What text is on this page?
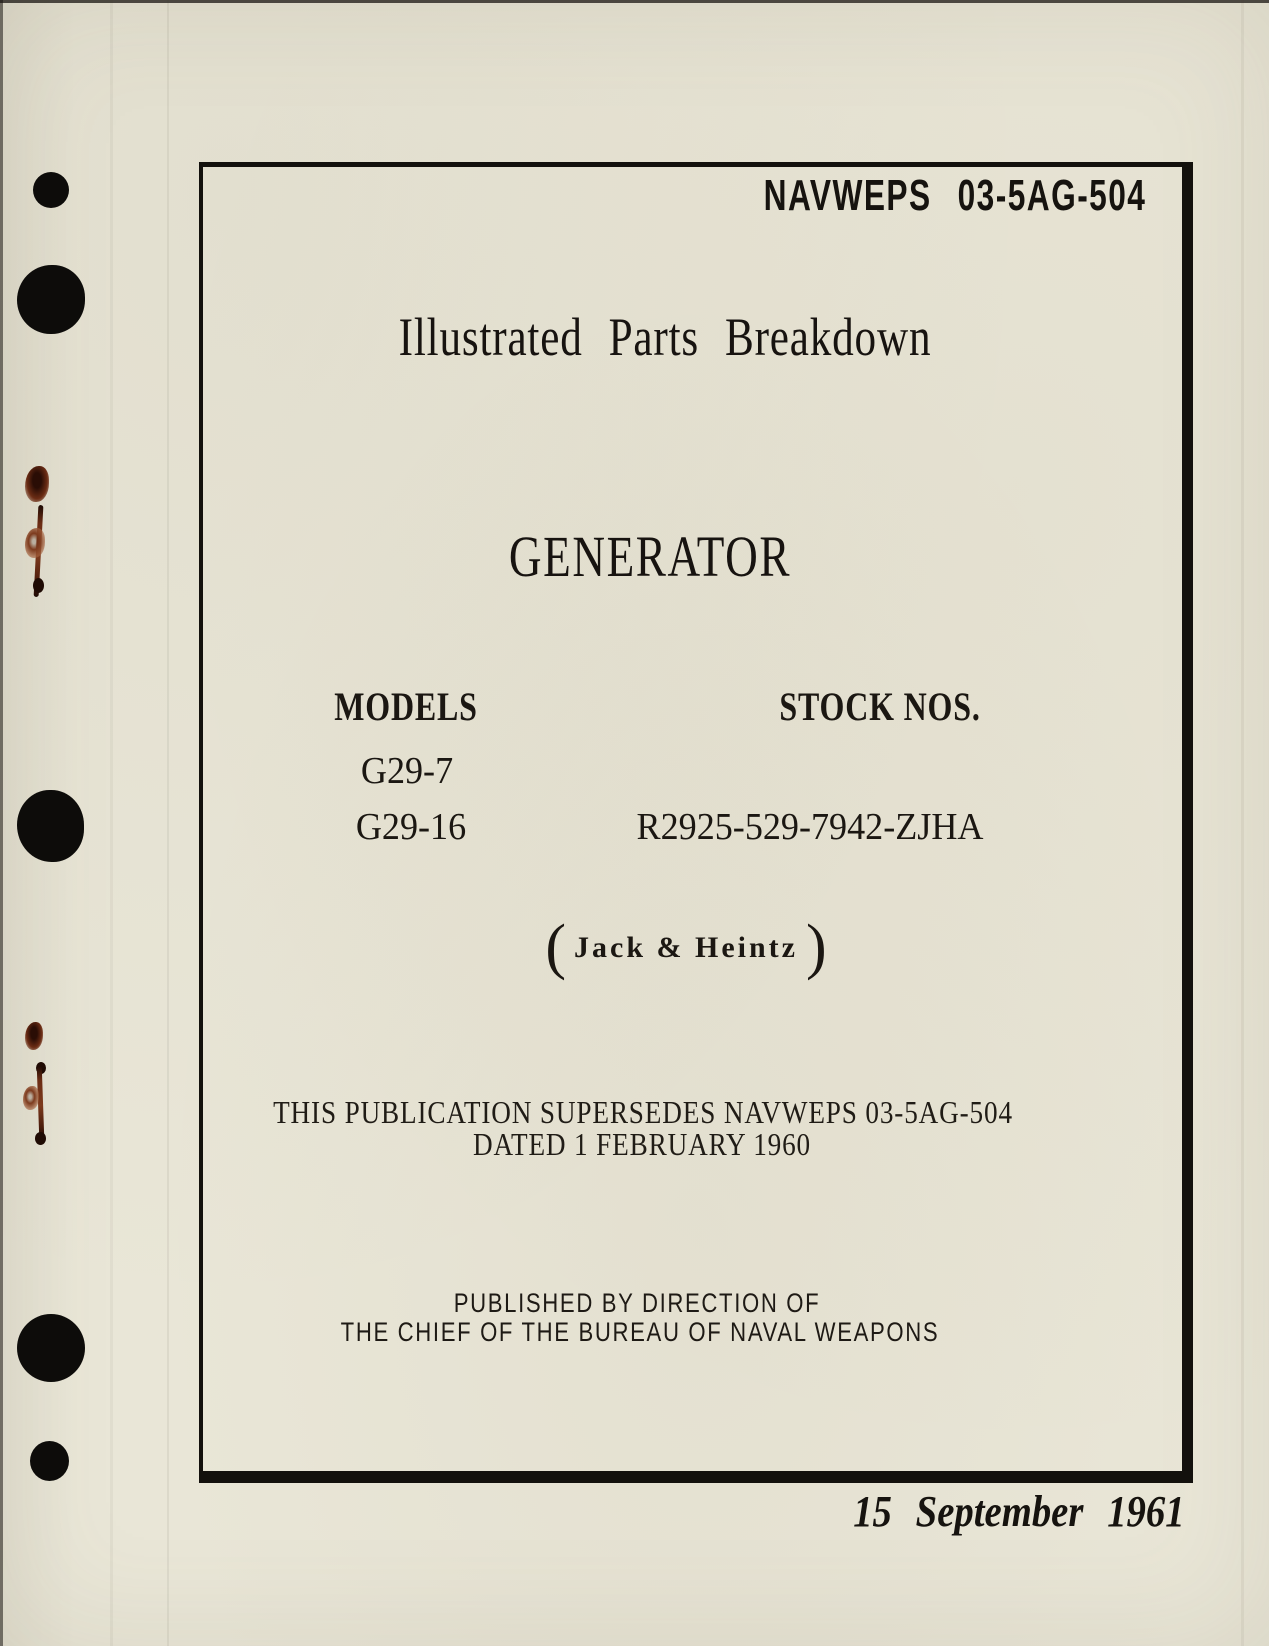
NAVWEPS 03-5AG-504
Illustrated Parts Breakdown
GENERATOR
MODELS	STOCK NOS.
G29-7
G29-16	R2925-529-7942-ZJHA
( Jack & Heintz )
THIS PUBLICATION SUPERSEDES NAVWEPS 03-5AG-504
DATED 1 FEBRUARY 1960
PUBLISHED BY DIRECTION OF
THE CHIEF OF THE BUREAU OF NAVAL WEAPONS
15 September 1961
